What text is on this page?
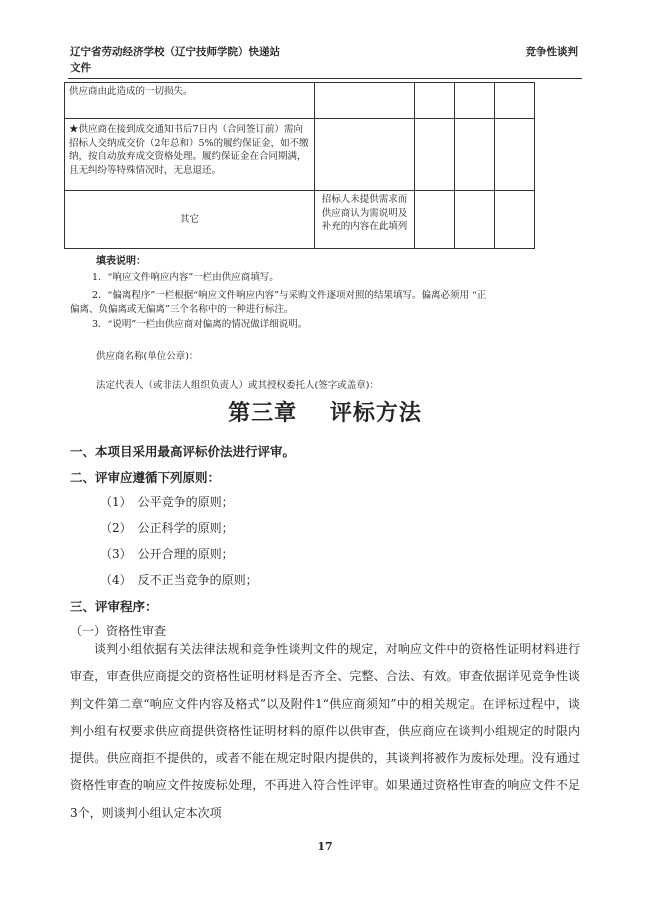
辽宁省劳动经济学校（辽宁技师学院）快递站
文件
竞争性谈判
供应商由此造成的一切损失。				
★供应商在接到成交通知书后7日内（合同签订前）需向招标人交纳成交价（2年总和）5%的履约保证金，如不缴纳，按自动放弃成交资格处理。履约保证金在合同期满，且无纠纷等特殊情况时，无息退还。				
其它	招标人未提供需求而供应商认为需说明及补充的内容在此填列			
填表说明：
1．“响应文件响应内容”一栏由供应商填写。
2．“偏离程序”一栏根据“响应文件响应内容”与采购文件逐项对照的结果填写。偏离必须用 “正
偏离、负偏离或无偏离”三个名称中的一种进行标注。
3．“说明”一栏由供应商对偏离的情况做详细说明。
供应商名称(单位公章)：
法定代表人（或非法人组织负责人）或其授权委托人(签字或盖章)：
第三章 评标方法
一、本项目采用最高评标价法进行评审。
二、评审应遵循下列原则：
（1）　公平竞争的原则；
（2）　公正科学的原则；
（3）　公开合理的原则；
（4）　反不正当竞争的原则；
三、评审程序：
（一）资格性审查
谈判小组依据有关法律法规和竞争性谈判文件的规定，对响应文件中的资格性证明材料进行审查，审查供应商提交的资格性证明材料是否齐全、完整、合法、有效。审查依据详见竞争性谈判文件第二章“响应文件内容及格式”以及附件1“供应商须知”中的相关规定。在评标过程中，谈判小组有权要求供应商提供资格性证明材料的原件以供审查，供应商应在谈判小组规定的时限内提供。供应商拒不提供的，或者不能在规定时限内提供的，其谈判将被作为废标处理。没有通过资格性审查的响应文件按废标处理，不再进入符合性评审。如果通过资格性审查的响应文件不足3个，则谈判小组认定本次项
17
